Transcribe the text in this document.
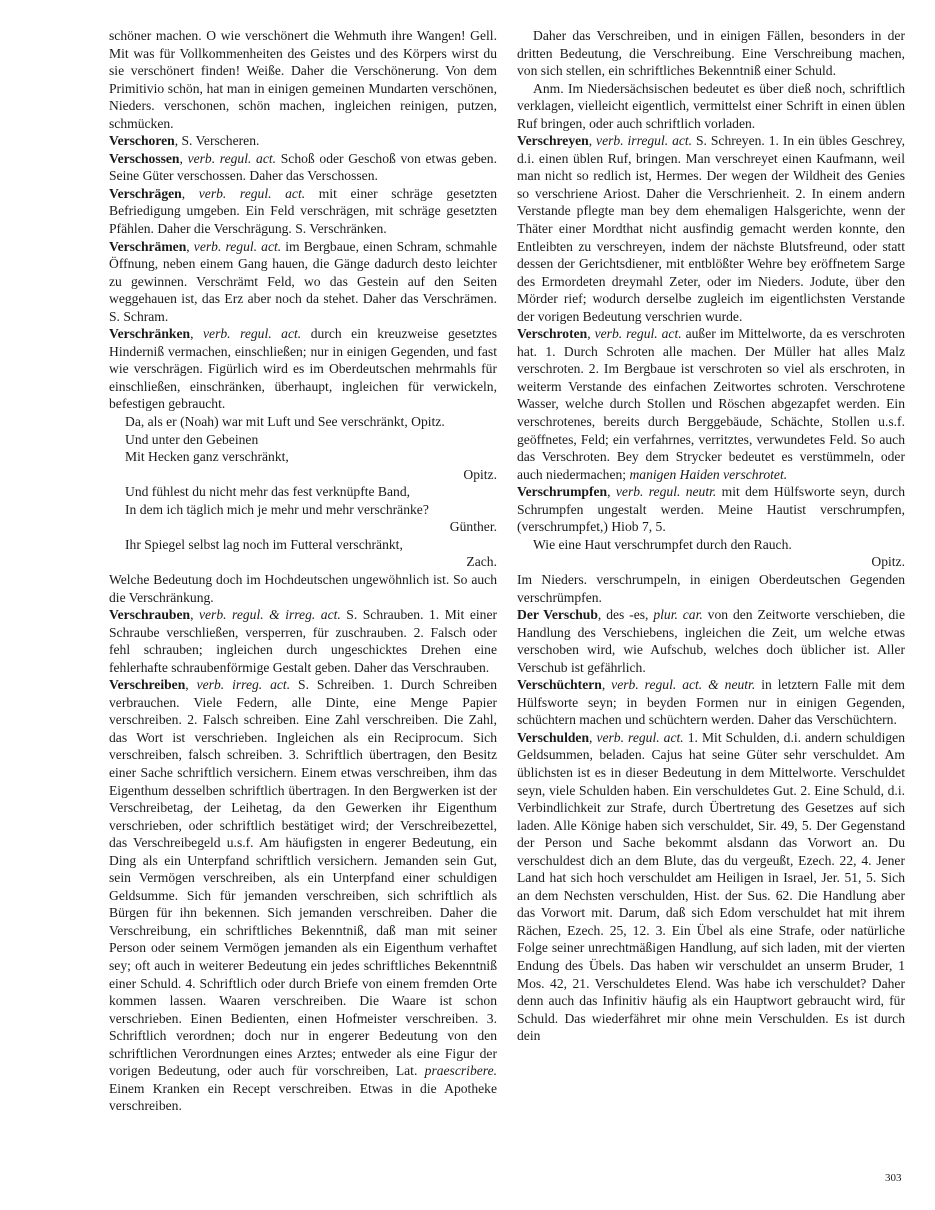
schöner machen. O wie verschönert die Wehmuth ihre Wangen! Gell. Mit was für Vollkommenheiten des Geistes und des Körpers wirst du sie verschönert finden! Weiße. Daher die Verschönerung. Von dem Primitivio schön, hat man in einigen gemeinen Mundarten verschönen, Nieders. verschonen, schön machen, ingleichen reinigen, putzen, schmücken.

Verschoren, S. Verscheren.

Verschossen, verb. regul. act. Schoß oder Geschoß von etwas geben. Seine Güter verschossen. Daher das Verschossen.

Verschrägen, verb. regul. act. mit einer schräge gesetzten Befriedigung umgeben. Ein Feld verschrägen, mit schräge gesetzten Pfählen. Daher die Verschrägung. S. Verschränken.

Verschrämen, verb. regul. act. im Bergbaue, einen Schram, schmahle Öffnung, neben einem Gang hauen, die Gänge dadurch desto leichter zu gewinnen. Verschrämt Feld, wo das Gestein auf den Seiten weggehauen ist, das Erz aber noch da stehet. Daher das Verschrämen. S. Schram.

Verschränken, verb. regul. act. durch ein kreuzweise gesetztes Hinderniß vermachen, einschließen; nur in einigen Gegenden, und fast wie verschrägen. Figürlich wird es im Oberdeutschen mehrmahls für einschließen, einschränken, überhaupt, ingleichen für verwickeln, befestigen gebraucht.

Da, als er (Noah) war mit Luft und See verschränkt, Opitz.

Und unter den Gebeinen

Mit Hecken ganz verschränkt,

Opitz.

Und fühlest du nicht mehr das fest verknüpfte Band,

In dem ich täglich mich je mehr und mehr verschränke?

Günther.

Ihr Spiegel selbst lag noch im Futteral verschränkt,

Zach.

Welche Bedeutung doch im Hochdeutschen ungewöhnlich ist. So auch die Verschränkung.

Verschrauben, verb. regul. & irreg. act. S. Schrauben. 1. Mit einer Schraube verschließen, versperren, für zuschrauben. 2. Falsch oder fehl schrauben; ingleichen durch ungeschicktes Drehen eine fehlerhafte schraubenförmige Gestalt geben. Daher das Verschrauben.

Verschreiben, verb. irreg. act. S. Schreiben. 1. Durch Schreiben verbrauchen. Viele Federn, alle Dinte, eine Menge Papier verschreiben. 2. Falsch schreiben. Eine Zahl verschreiben. Die Zahl, das Wort ist verschrieben. Ingleichen als ein Reciprocum. Sich verschreiben, falsch schreiben. 3. Schriftlich übertragen, den Besitz einer Sache schriftlich versichern. Einem etwas verschreiben, ihm das Eigenthum desselben schriftlich übertragen. In den Bergwerken ist der Verschreibetag, der Leihetag, da den Gewerken ihr Eigenthum verschrieben, oder schriftlich bestätiget wird; der Verschreibezettel, das Verschreibegeld u.s.f. Am häufigsten in engerer Bedeutung, ein Ding als ein Unterpfand schriftlich versichern. Jemanden sein Gut, sein Vermögen verschreiben, als ein Unterpfand einer schuldigen Geldsumme. Sich für jemanden verschreiben, sich schriftlich als Bürgen für ihn bekennen. Sich jemanden verschreiben. Daher die Verschreibung, ein schriftliches Bekenntniß, daß man mit seiner Person oder seinem Vermögen jemanden als ein Eigenthum verhaftet sey; oft auch in weiterer Bedeutung ein jedes schriftliches Bekenntniß einer Schuld. 4. Schriftlich oder durch Briefe von einem fremden Orte kommen lassen. Waaren verschreiben. Die Waare ist schon verschrieben. Einen Bedienten, einen Hofmeister verschreiben. 3. Schriftlich verordnen; doch nur in engerer Bedeutung von den schriftlichen Verordnungen eines Arztes; entweder als eine Figur der vorigen Bedeutung, oder auch für vorschreiben, Lat. praescribere. Einem Kranken ein Recept verschreiben. Etwas in die Apotheke verschreiben.

Daher das Verschreiben, und in einigen Fällen, besonders in der dritten Bedeutung, die Verschreibung. Eine Verschreibung machen, von sich stellen, ein schriftliches Bekenntniß einer Schuld.

Anm. Im Niedersächsischen bedeutet es über dieß noch, schriftlich verklagen, vielleicht eigentlich, vermittelst einer Schrift in einen üblen Ruf bringen, oder auch schriftlich vorladen.

Verschreyen, verb. irregul. act. S. Schreyen. 1. In ein übles Geschrey, d.i. einen üblen Ruf, bringen. Man verschreyet einen Kaufmann, weil man nicht so redlich ist, Hermes. Der wegen der Wildheit des Genies so verschriene Ariost. Daher die Verschrienheit. 2. In einem andern Verstande pflegte man bey dem ehemaligen Halsgerichte, wenn der Thäter einer Mordthat nicht ausfindig gemacht werden konnte, den Entleibten zu verschreyen, indem der nächste Blutsfreund, oder statt dessen der Gerichtsdiener, mit entblößter Wehre bey eröffnetem Sarge des Ermordeten dreymahl Zeter, oder im Nieders. Jodute, über den Mörder rief; wodurch derselbe zugleich im eigentlichsten Verstande der vorigen Bedeutung verschrien wurde.

Verschroten, verb. regul. act. außer im Mittelworte, da es verschroten hat. 1. Durch Schroten alle machen. Der Müller hat alles Malz verschroten. 2. Im Bergbaue ist verschroten so viel als erschroten, in weiterm Verstande des einfachen Zeitwortes schroten. Verschrotene Wasser, welche durch Stollen und Röschen abgezapfet werden. Ein verschrotenes, bereits durch Berggebäude, Schächte, Stollen u.s.f. geöffnetes, Feld; ein verfahrnes, verritztes, verwundetes Feld. So auch das Verschroten. Bey dem Strycker bedeutet es verstümmeln, oder auch niedermachen; manigen Haiden verschrotet.

Verschrumpfen, verb. regul. neutr. mit dem Hülfsworte seyn, durch Schrumpfen ungestalt werden. Meine Hautist verschrumpfen, (verschrumpfet,) Hiob 7, 5.

Wie eine Haut verschrumpfet durch den Rauch.

Opitz.

Im Nieders. verschrumpeln, in einigen Oberdeutschen Gegenden verschrümpfen.

Der Verschub, des -es, plur. car. von den Zeitworte verschieben, die Handlung des Verschiebens, ingleichen die Zeit, um welche etwas verschoben wird, wie Aufschub, welches doch üblicher ist. Aller Verschub ist gefährlich.

Verschüchtern, verb. regul. act. & neutr. in letztern Falle mit dem Hülfsworte seyn; in beyden Formen nur in einigen Gegenden, schüchtern machen und schüchtern werden. Daher das Verschüchtern.

Verschulden, verb. regul. act. 1. Mit Schulden, d.i. andern schuldigen Geldsummen, beladen. Cajus hat seine Güter sehr verschuldet. Am üblichsten ist es in dieser Bedeutung in dem Mittelworte. Verschuldet seyn, viele Schulden haben. Ein verschuldetes Gut. 2. Eine Schuld, d.i. Verbindlichkeit zur Strafe, durch Übertretung des Gesetzes auf sich laden. Alle Könige haben sich verschuldet, Sir. 49, 5. Der Gegenstand der Person und Sache bekommt alsdann das Vorwort an. Du verschuldest dich an dem Blute, das du vergeußt, Ezech. 22, 4. Jener Land hat sich hoch verschuldet am Heiligen in Israel, Jer. 51, 5. Sich an dem Nechsten verschulden, Hist. der Sus. 62. Die Handlung aber das Vorwort mit. Darum, daß sich Edom verschuldet hat mit ihrem Rächen, Ezech. 25, 12. 3. Ein Übel als eine Strafe, oder natürliche Folge seiner unrechtmäßigen Handlung, auf sich laden, mit der vierten Endung des Übels. Das haben wir verschuldet an unserm Bruder, 1 Mos. 42, 21. Verschuldetes Elend. Was habe ich verschuldet? Daher denn auch das Infinitiv häufig als ein Hauptwort gebraucht wird, für Schuld. Das wiederfähret mir ohne mein Verschulden. Es ist durch dein

303
